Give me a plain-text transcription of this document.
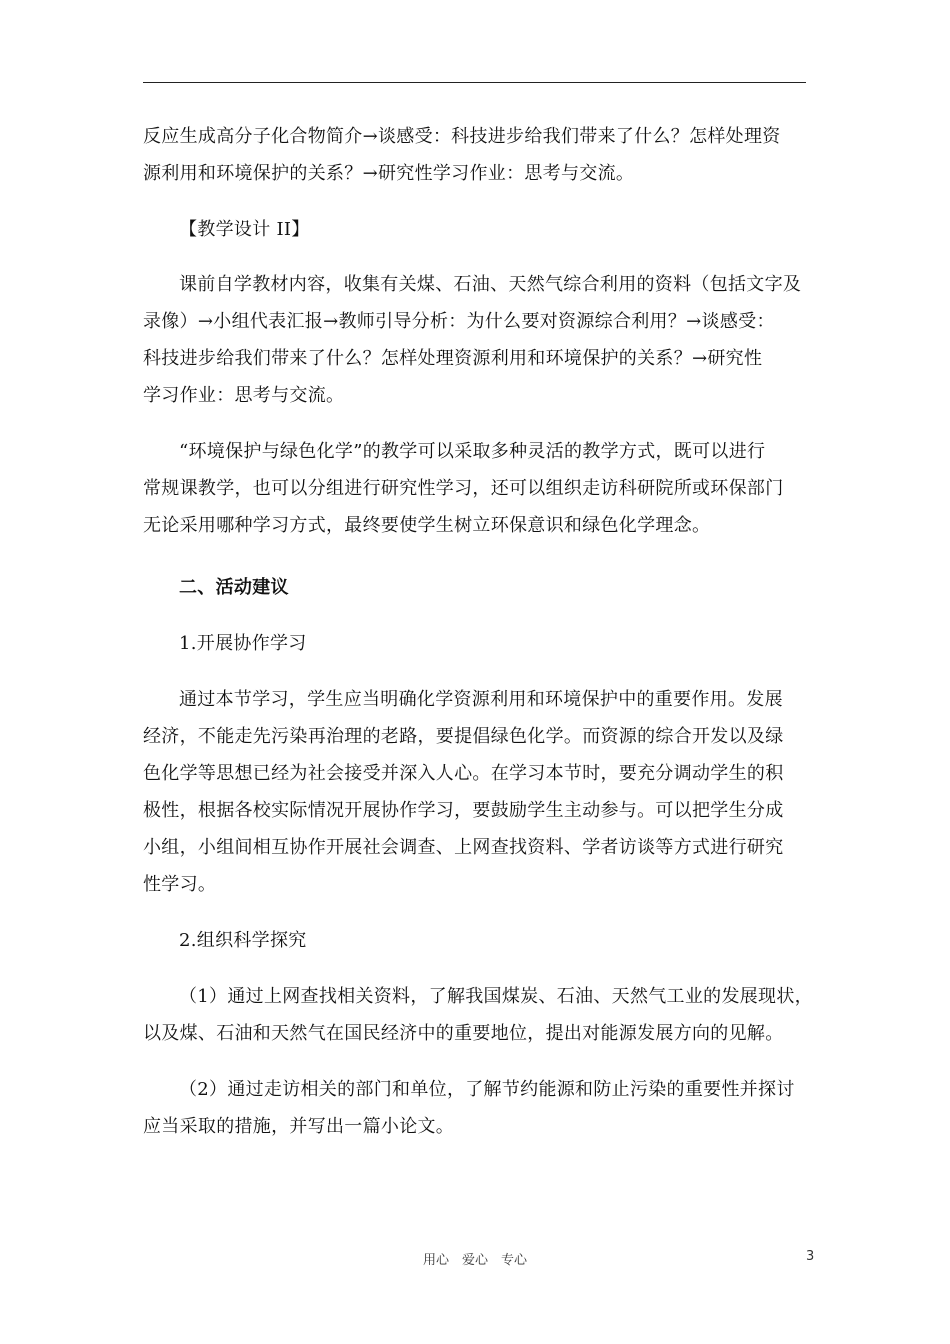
反应生成高分子化合物简介→谈感受：科技进步给我们带来了什么？怎样处理资
源利用和环境保护的关系？→研究性学习作业：思考与交流。
【教学设计 II】
课前自学教材内容，收集有关煤、石油、天然气综合利用的资料（包括文字及
录像）→小组代表汇报→教师引导分析：为什么要对资源综合利用？→谈感受：
科技进步给我们带来了什么？怎样处理资源利用和环境保护的关系？→研究性
学习作业：思考与交流。
“环境保护与绿色化学”的教学可以采取多种灵活的教学方式，既可以进行
常规课教学，也可以分组进行研究性学习，还可以组织走访科研院所或环保部门
无论采用哪种学习方式，最终要使学生树立环保意识和绿色化学理念。
二、活动建议
1.开展协作学习
通过本节学习，学生应当明确化学资源利用和环境保护中的重要作用。发展
经济，不能走先污染再治理的老路，要提倡绿色化学。而资源的综合开发以及绿
色化学等思想已经为社会接受并深入人心。在学习本节时，要充分调动学生的积
极性，根据各校实际情况开展协作学习，要鼓励学生主动参与。可以把学生分成
小组，小组间相互协作开展社会调查、上网查找资料、学者访谈等方式进行研究
性学习。
2.组织科学探究
（1）通过上网查找相关资料，了解我国煤炭、石油、天然气工业的发展现状，
以及煤、石油和天然气在国民经济中的重要地位，提出对能源发展方向的见解。
（2）通过走访相关的部门和单位，了解节约能源和防止污染的重要性并探讨
应当采取的措施，并写出一篇小论文。
用心　爱心　专心	3
